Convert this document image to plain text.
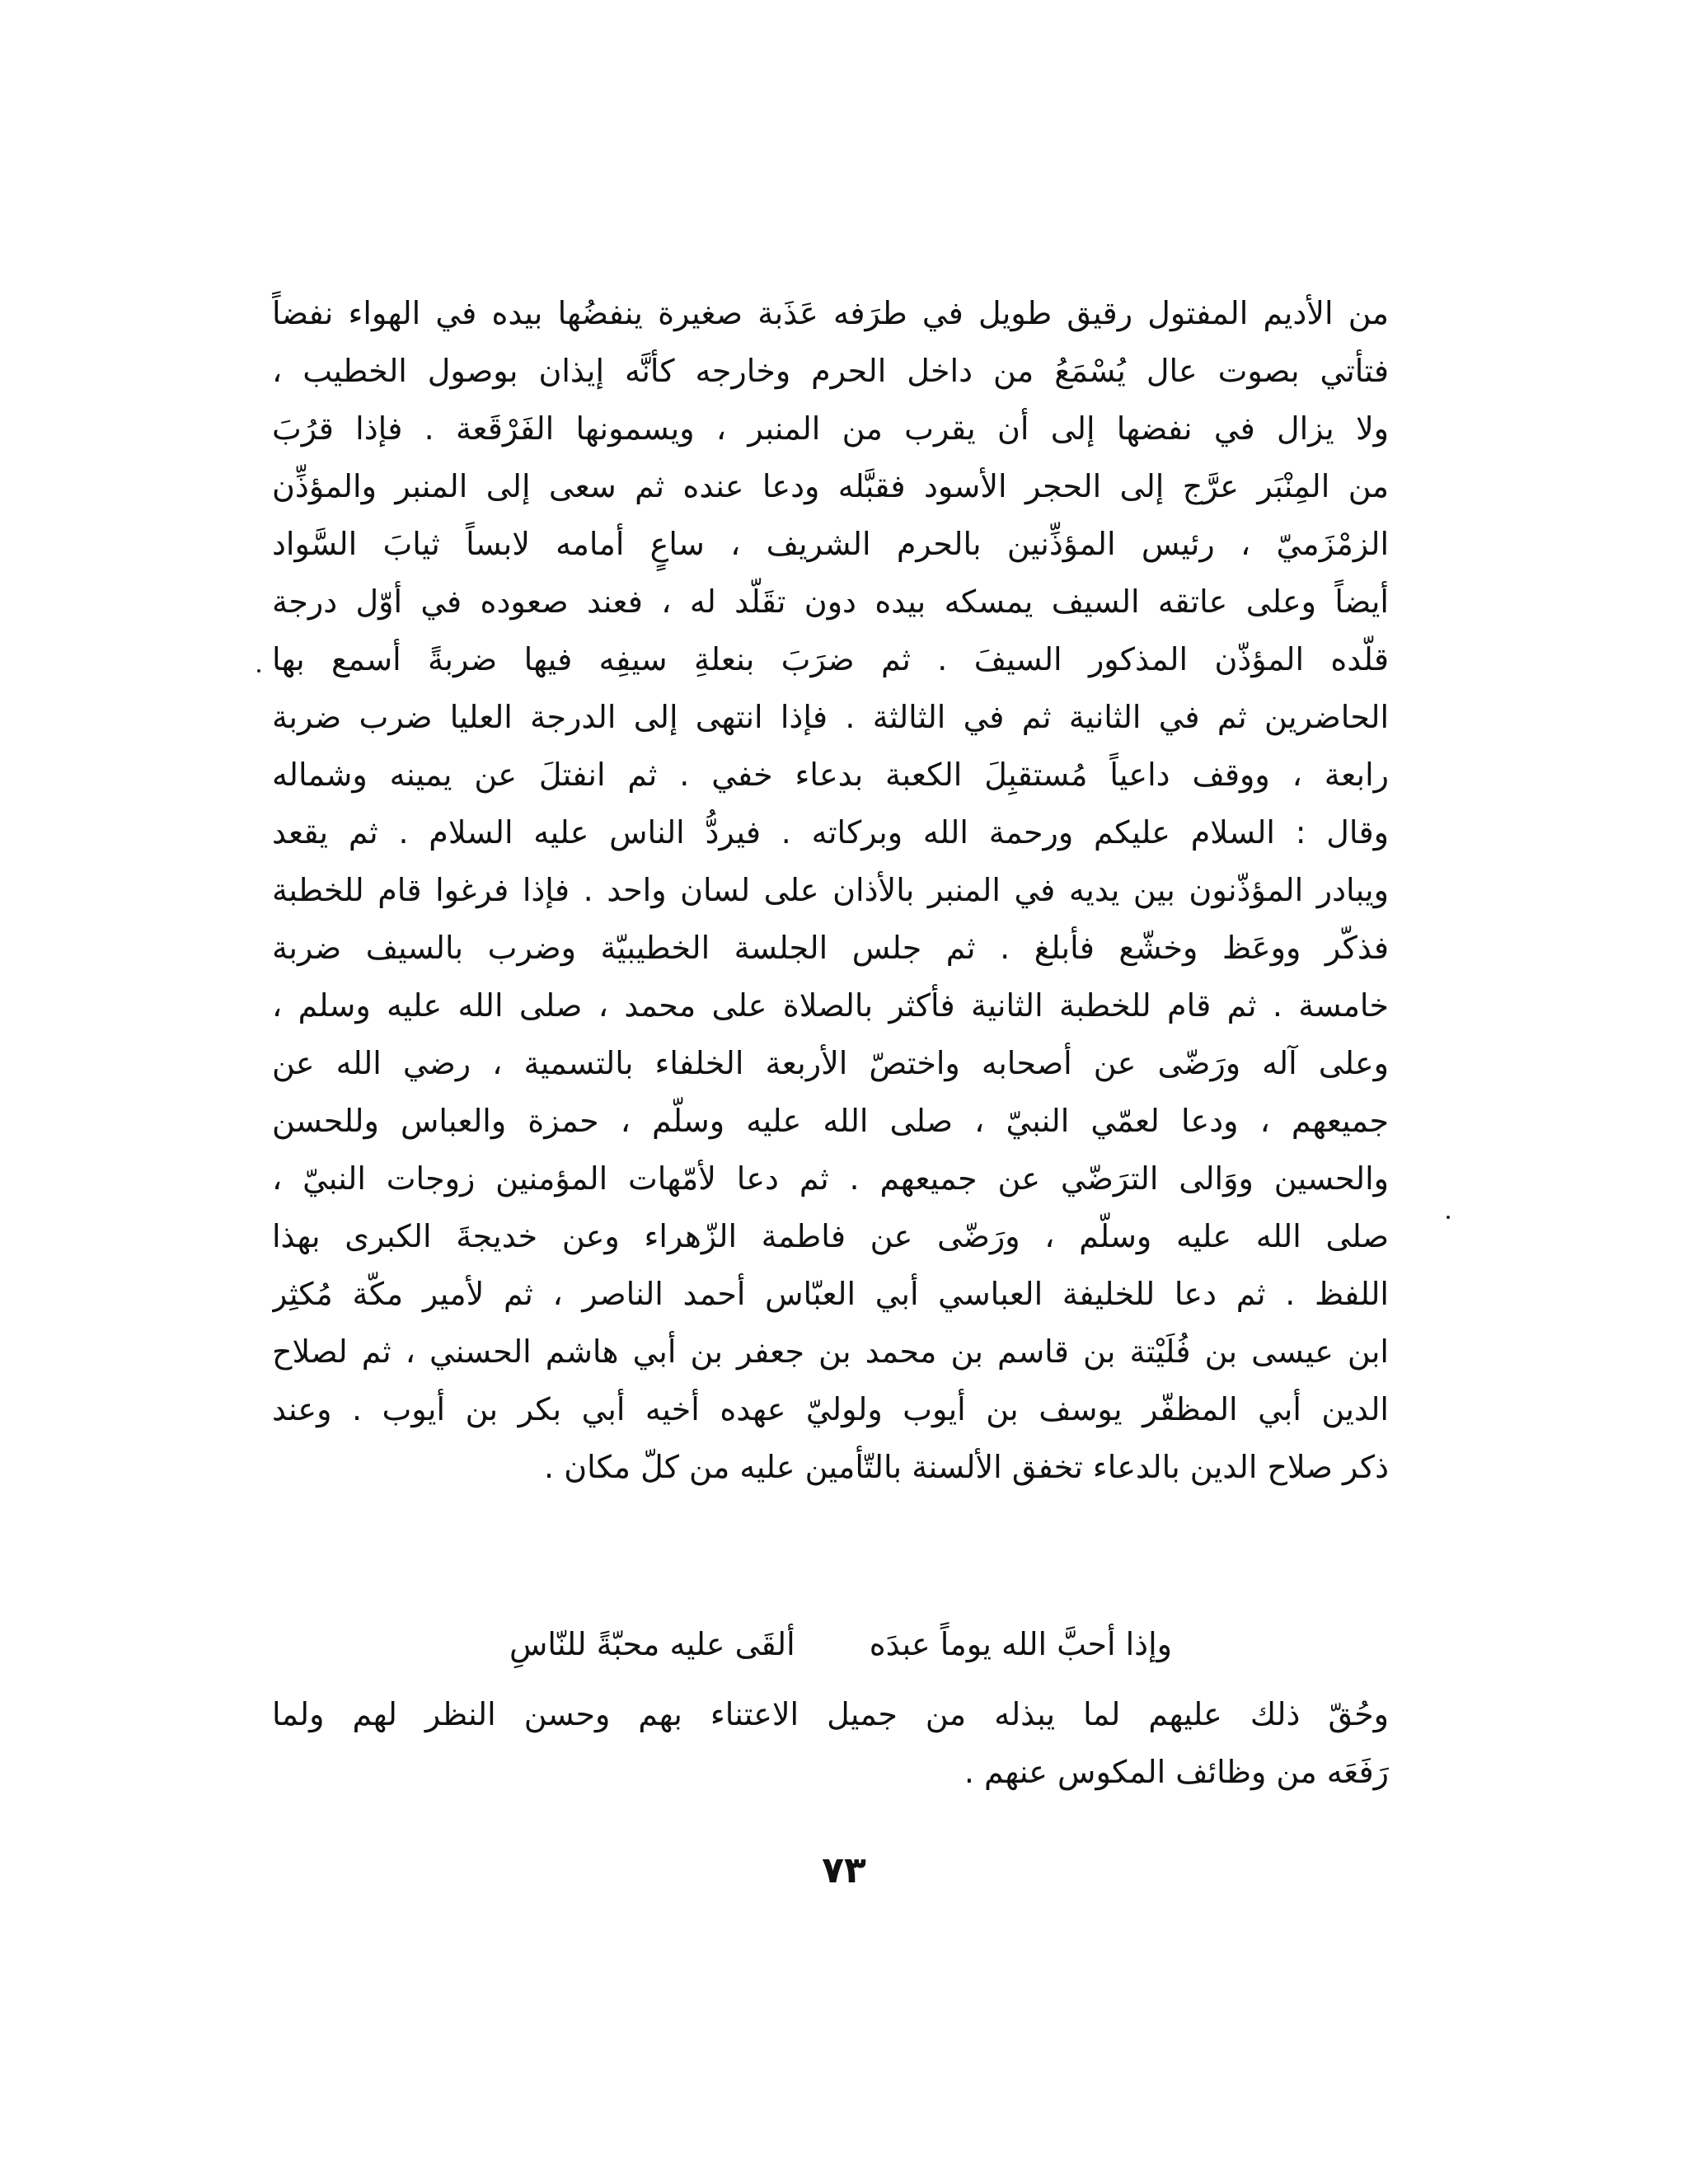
من الأديم المفتول رقيق طويل في طرَفه عَذَبة صغيرة ينفضُها بيده في الهواء نفضاً
فتأتي بصوت عال يُسْمَعُ من داخل الحرم وخارجه كأنَّه إيذان بوصول الخطيب ،
ولا يزال في نفضها إلى أن يقرب من المنبر ، ويسمونها الفَرْقَعة . فإذا قرُبَ
من المِنْبَر عرَّج إلى الحجر الأسود فقبَّله ودعا عنده ثم سعى إلى المنبر والمؤذِّن
الزمْزَميّ ، رئيس المؤذِّنين بالحرم الشريف ، ساعٍ أمامه لابساً ثيابَ السَّواد
أيضاً وعلى عاتقه السيف يمسكه بيده دون تقَلّد له ، فعند صعوده في أوّل درجة
قلّده المؤذّن المذكور السيفَ . ثم ضرَبَ بنعلةِ سيفِه فيها ضربةً أسمع بها
الحاضرين ثم في الثانية ثم في الثالثة . فإذا انتهى إلى الدرجة العليا ضرب ضربة
رابعة ، ووقف داعياً مُستقبِلَ الكعبة بدعاء خفي . ثم انفتلَ عن يمينه وشماله
وقال : السلام عليكم ورحمة الله وبركاته . فيردُّ الناس عليه السلام . ثم يقعد
ويبادر المؤذّنون بين يديه في المنبر بالأذان على لسان واحد . فإذا فرغوا قام للخطبة
فذكّر ووعَظ وخشّع فأبلغ . ثم جلس الجلسة الخطيبيّة وضرب بالسيف ضربة
خامسة . ثم قام للخطبة الثانية فأكثر بالصلاة على محمد ، صلى الله عليه وسلم ،
وعلى آله ورَضّى عن أصحابه واختصّ الأربعة الخلفاء بالتسمية ، رضي الله عن
جميعهم ، ودعا لعمّي النبيّ ، صلى الله عليه وسلّم ، حمزة والعباس وللحسن
والحسين ووَالى الترَضّي عن جميعهم . ثم دعا لأمّهات المؤمنين زوجات النبيّ ،
صلى الله عليه وسلّم ، ورَضّى عن فاطمة الزّهراء وعن خديجةَ الكبرى بهذا
اللفظ . ثم دعا للخليفة العباسي أبي العبّاس أحمد الناصر ، ثم لأمير مكّة مُكثِر
ابن عيسى بن فُلَيْتة بن قاسم بن محمد بن جعفر بن أبي هاشم الحسني ، ثم لصلاح
الدين أبي المظفّر يوسف بن أيوب ولوليّ عهده أخيه أبي بكر بن أيوب . وعند
ذكر صلاح الدين بالدعاء تخفق الألسنة بالتّأمين عليه من كلّ مكان .
وإذا أحبَّ الله يوماً عبدَه
ألقَى عليه محبّةً للنّاسِ
وحُقّ ذلك عليهم لما يبذله من جميل الاعتناء بهم وحسن النظر لهم ولما
رَفَعَه من وظائف المكوس عنهم .
٧٣
